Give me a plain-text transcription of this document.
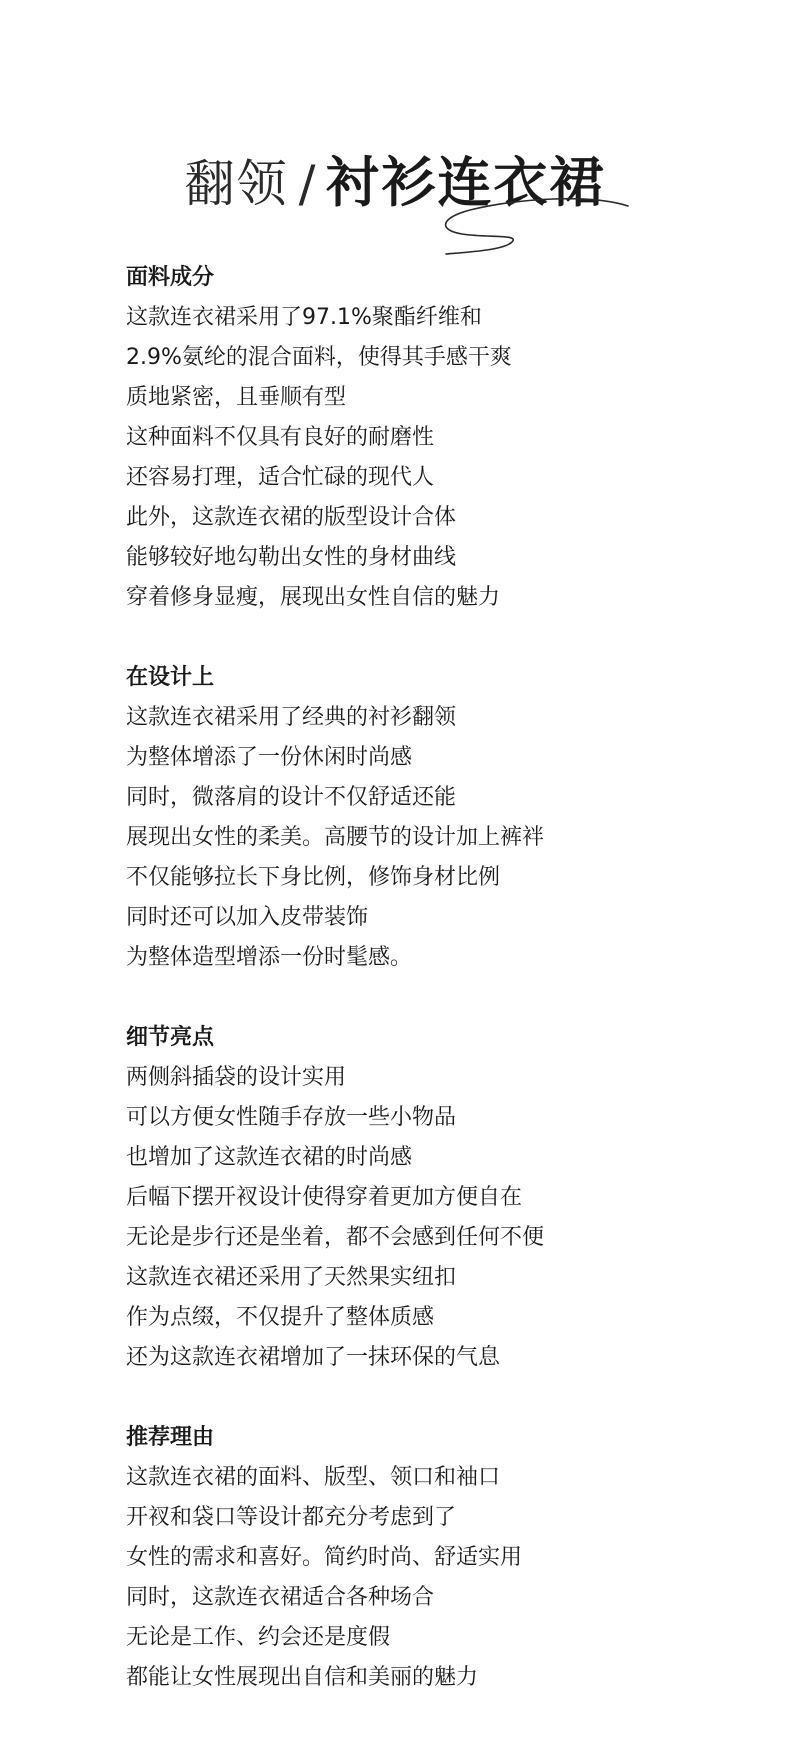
翻领 / 衬衫连衣裙
面料成分
这款连衣裙采用了97.1%聚酯纤维和
2.9%氨纶的混合面料，使得其手感干爽
质地紧密，且垂顺有型
这种面料不仅具有良好的耐磨性
还容易打理，适合忙碌的现代人
此外，这款连衣裙的版型设计合体
能够较好地勾勒出女性的身材曲线
穿着修身显瘦，展现出女性自信的魅力
在设计上
这款连衣裙采用了经典的衬衫翻领
为整体增添了一份休闲时尚感
同时，微落肩的设计不仅舒适还能
展现出女性的柔美。高腰节的设计加上裤袢
不仅能够拉长下身比例，修饰身材比例
同时还可以加入皮带装饰
为整体造型增添一份时髦感。
细节亮点
两侧斜插袋的设计实用
可以方便女性随手存放一些小物品
也增加了这款连衣裙的时尚感
后幅下摆开衩设计使得穿着更加方便自在
无论是步行还是坐着，都不会感到任何不便
这款连衣裙还采用了天然果实纽扣
作为点缀，不仅提升了整体质感
还为这款连衣裙增加了一抹环保的气息
推荐理由
这款连衣裙的面料、版型、领口和袖口
开衩和袋口等设计都充分考虑到了
女性的需求和喜好。简约时尚、舒适实用
同时，这款连衣裙适合各种场合
无论是工作、约会还是度假
都能让女性展现出自信和美丽的魅力
